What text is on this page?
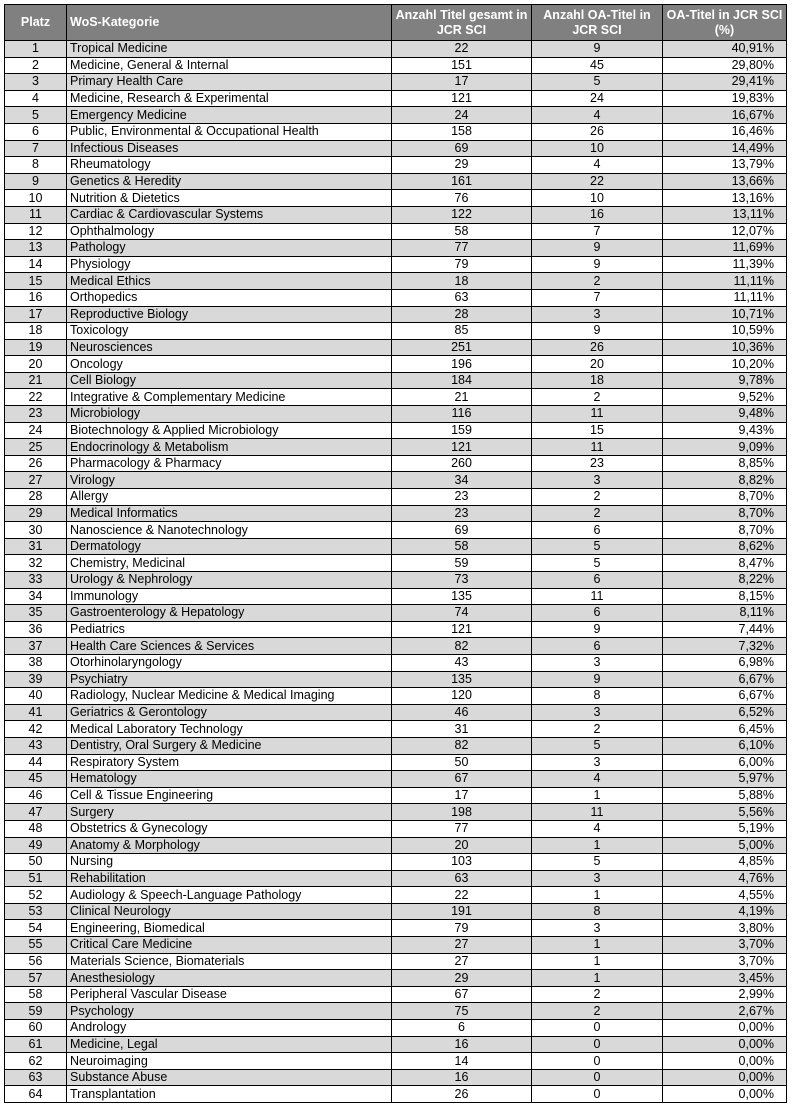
Platz	WoS-Kategorie	Anzahl Titel gesamt in JCR SCI	Anzahl OA-Titel in JCR SCI	OA-Titel in JCR SCI (%)
1	Tropical Medicine	22	9	40,91%
2	Medicine, General & Internal	151	45	29,80%
3	Primary Health Care	17	5	29,41%
4	Medicine, Research & Experimental	121	24	19,83%
5	Emergency Medicine	24	4	16,67%
6	Public, Environmental & Occupational Health	158	26	16,46%
7	Infectious Diseases	69	10	14,49%
8	Rheumatology	29	4	13,79%
9	Genetics & Heredity	161	22	13,66%
10	Nutrition & Dietetics	76	10	13,16%
11	Cardiac & Cardiovascular Systems	122	16	13,11%
12	Ophthalmology	58	7	12,07%
13	Pathology	77	9	11,69%
14	Physiology	79	9	11,39%
15	Medical Ethics	18	2	11,11%
16	Orthopedics	63	7	11,11%
17	Reproductive Biology	28	3	10,71%
18	Toxicology	85	9	10,59%
19	Neurosciences	251	26	10,36%
20	Oncology	196	20	10,20%
21	Cell Biology	184	18	9,78%
22	Integrative & Complementary Medicine	21	2	9,52%
23	Microbiology	116	11	9,48%
24	Biotechnology & Applied Microbiology	159	15	9,43%
25	Endocrinology & Metabolism	121	11	9,09%
26	Pharmacology & Pharmacy	260	23	8,85%
27	Virology	34	3	8,82%
28	Allergy	23	2	8,70%
29	Medical Informatics	23	2	8,70%
30	Nanoscience & Nanotechnology	69	6	8,70%
31	Dermatology	58	5	8,62%
32	Chemistry, Medicinal	59	5	8,47%
33	Urology & Nephrology	73	6	8,22%
34	Immunology	135	11	8,15%
35	Gastroenterology & Hepatology	74	6	8,11%
36	Pediatrics	121	9	7,44%
37	Health Care Sciences & Services	82	6	7,32%
38	Otorhinolaryngology	43	3	6,98%
39	Psychiatry	135	9	6,67%
40	Radiology, Nuclear Medicine & Medical Imaging	120	8	6,67%
41	Geriatrics & Gerontology	46	3	6,52%
42	Medical Laboratory Technology	31	2	6,45%
43	Dentistry, Oral Surgery & Medicine	82	5	6,10%
44	Respiratory System	50	3	6,00%
45	Hematology	67	4	5,97%
46	Cell & Tissue Engineering	17	1	5,88%
47	Surgery	198	11	5,56%
48	Obstetrics & Gynecology	77	4	5,19%
49	Anatomy & Morphology	20	1	5,00%
50	Nursing	103	5	4,85%
51	Rehabilitation	63	3	4,76%
52	Audiology & Speech-Language Pathology	22	1	4,55%
53	Clinical Neurology	191	8	4,19%
54	Engineering, Biomedical	79	3	3,80%
55	Critical Care Medicine	27	1	3,70%
56	Materials Science, Biomaterials	27	1	3,70%
57	Anesthesiology	29	1	3,45%
58	Peripheral Vascular Disease	67	2	2,99%
59	Psychology	75	2	2,67%
60	Andrology	6	0	0,00%
61	Medicine, Legal	16	0	0,00%
62	Neuroimaging	14	0	0,00%
63	Substance Abuse	16	0	0,00%
64	Transplantation	26	0	0,00%
